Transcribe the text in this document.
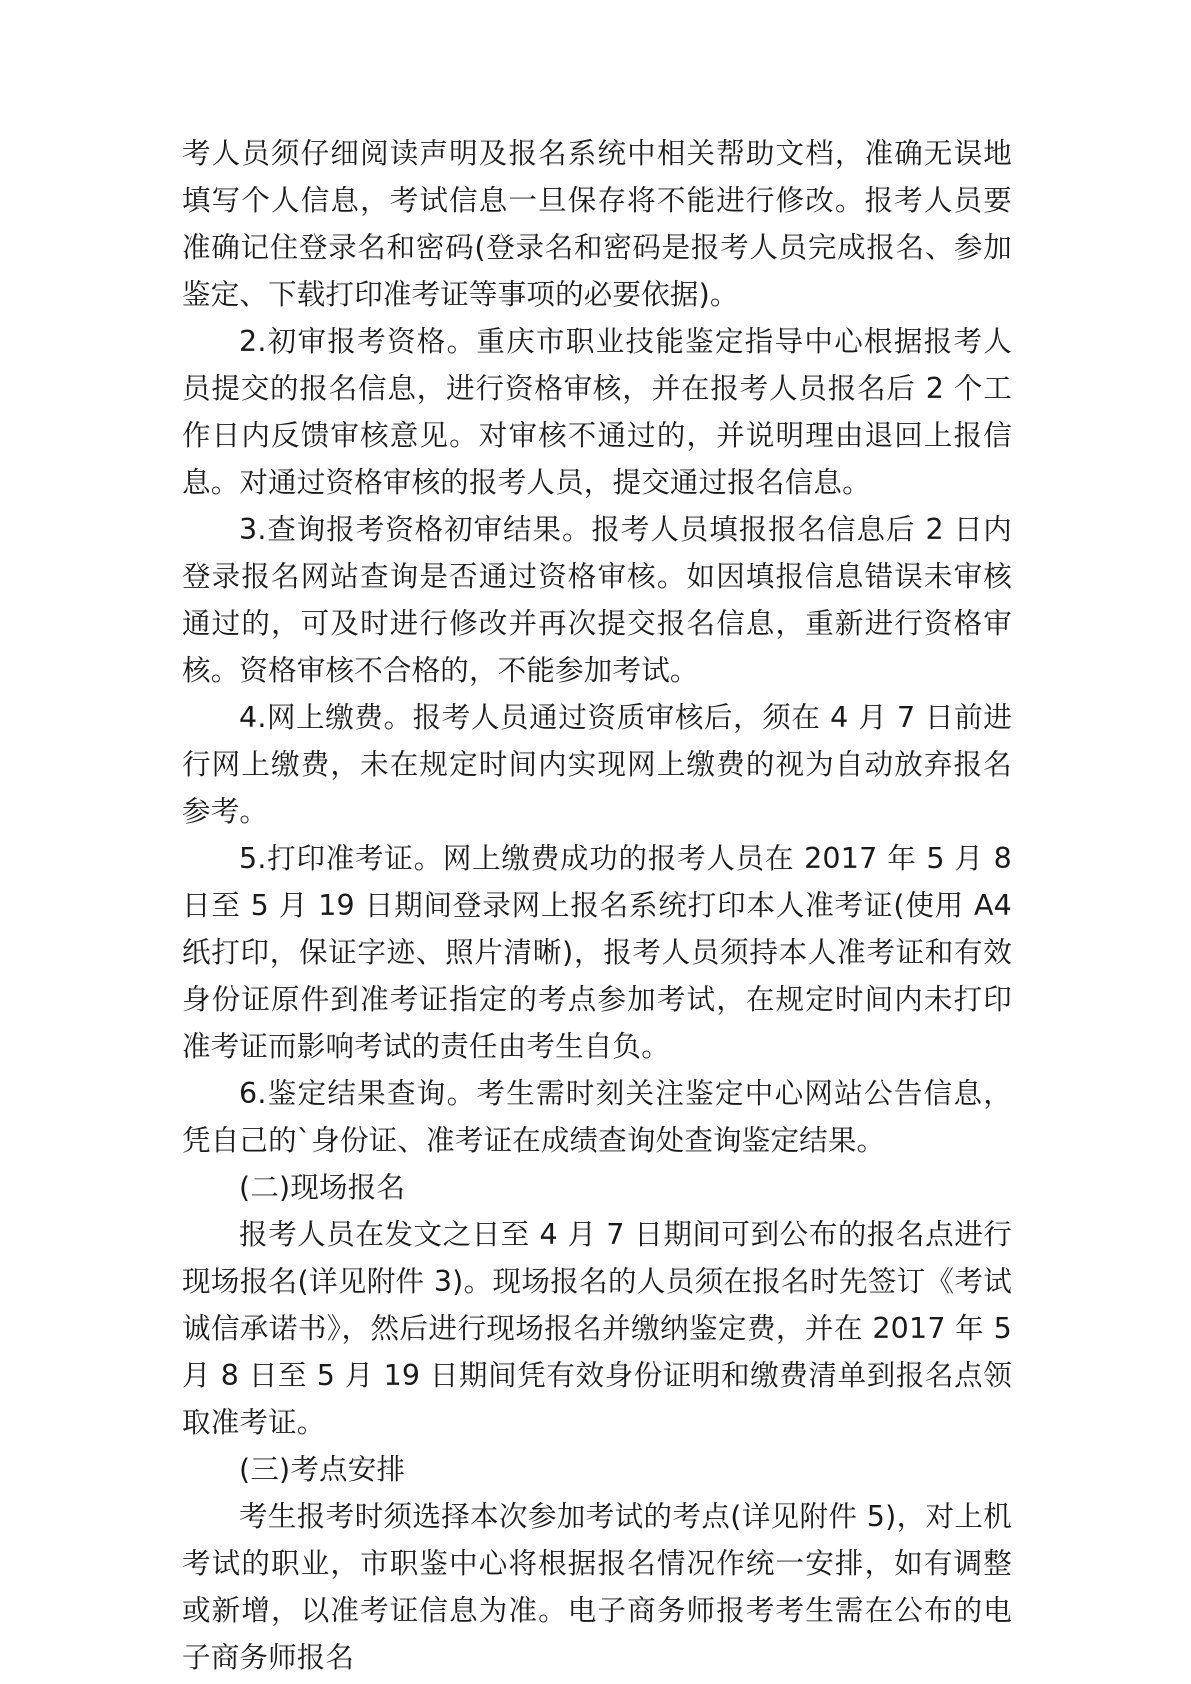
考人员须仔细阅读声明及报名系统中相关帮助文档，准确无误地填写个人信息，考试信息一旦保存将不能进行修改。报考人员要准确记住登录名和密码(登录名和密码是报考人员完成报名、参加鉴定、下载打印准考证等事项的必要依据)。

2.初审报考资格。重庆市职业技能鉴定指导中心根据报考人员提交的报名信息，进行资格审核，并在报考人员报名后 2 个工作日内反馈审核意见。对审核不通过的，并说明理由退回上报信息。对通过资格审核的报考人员，提交通过报名信息。

3.查询报考资格初审结果。报考人员填报报名信息后 2 日内登录报名网站查询是否通过资格审核。如因填报信息错误未审核通过的，可及时进行修改并再次提交报名信息，重新进行资格审核。资格审核不合格的，不能参加考试。

4.网上缴费。报考人员通过资质审核后，须在 4 月 7 日前进行网上缴费，未在规定时间内实现网上缴费的视为自动放弃报名参考。

5.打印准考证。网上缴费成功的报考人员在 2017 年 5 月 8 日至 5 月 19 日期间登录网上报名系统打印本人准考证(使用 A4 纸打印，保证字迹、照片清晰)，报考人员须持本人准考证和有效身份证原件到准考证指定的考点参加考试，在规定时间内未打印准考证而影响考试的责任由考生自负。

6.鉴定结果查询。考生需时刻关注鉴定中心网站公告信息，凭自己的`身份证、准考证在成绩查询处查询鉴定结果。

(二)现场报名

报考人员在发文之日至 4 月 7 日期间可到公布的报名点进行现场报名(详见附件 3)。现场报名的人员须在报名时先签订《考试诚信承诺书》，然后进行现场报名并缴纳鉴定费，并在 2017 年 5 月 8 日至 5 月 19 日期间凭有效身份证明和缴费清单到报名点领取准考证。

(三)考点安排

考生报考时须选择本次参加考试的考点(详见附件 5)，对上机考试的职业，市职鉴中心将根据报名情况作统一安排，如有调整或新增，以准考证信息为准。电子商务师报考考生需在公布的电子商务师报名
